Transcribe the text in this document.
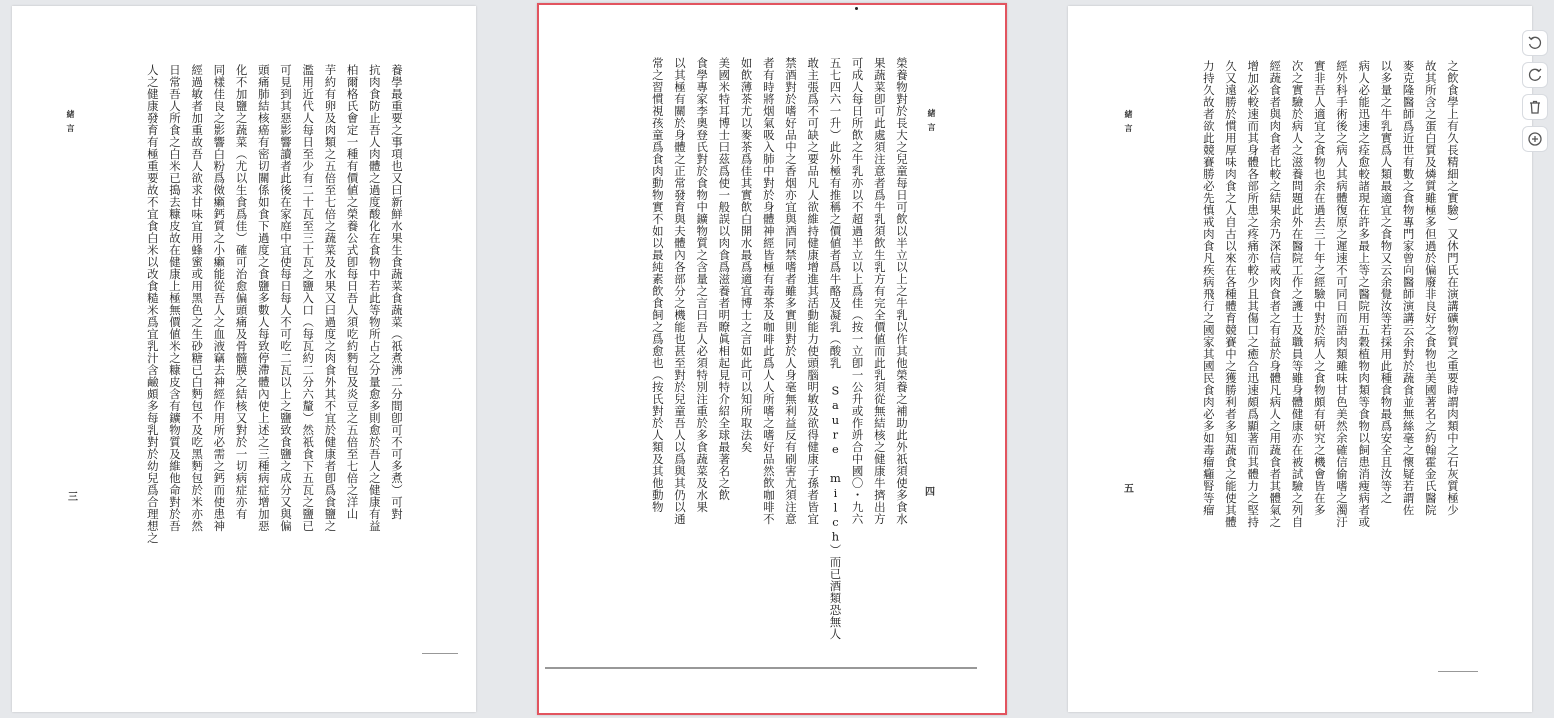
養學最重要之事項也又曰新鮮水果生食蔬菜食蔬菜（祇煮沸二分間卽可不可多煮）可對
抗肉食防止吾人肉體之過度酸化在食物中若此等物所占之分量愈多則愈於吾人之健康有益
柏爾格氏會定一種有價値之榮養公式卽每日吾人須吃約麪包及炎豆之五倍至七倍之洋山
芋約有卵及肉類之五倍至七倍之蔬菜及水果又曰過度之肉食外其不宜於健康者卽爲食鹽之
濫用近代人每日至少有二十瓦至三十瓦之鹽入口（每瓦約二分六釐）然祇食下五瓦之鹽已
可見到其惡影響讀者此後在家庭中宜使每日每人不可吃二瓦以上之鹽致食鹽之成分又與偏
頭痛肺結核癌有密切關係如食下過度之食鹽多數人每致停滯體內使上述之三種病症增加惡
化不加鹽之蔬菜（尤以生食爲佳）確可治愈偏頭痛及骨髓膜之結核又對於一切病症亦有
同樣佳良之影響白粉爲傚癩鈣質之小癩能從吾人之血液竊去神經作用所必需之鈣而使患神
經過敏者加重故吾人欲求甘味宜用蜂蜜或用黑色之生砂糖已白麪包不及吃黑麪包於米亦然
日常吾人所食之白米已搗去糠皮故在健康上極無價値米之糠皮含有鑛物質及維他命對於吾
人之健康發育有極重要故不宜食白米以改食糙米爲宜乳汁含鹼頗多每乳對於幼兒爲合理想之
緒言
三	榮養物對於長大之兒童每日可飲以半立以上之牛乳以作其他榮養之補助此外祇須使多食水
果蔬菜卽可此處須注意者爲牛乳須飲生乳方有完全價値而此乳須從無結核之健康牛擠出方
可成人每日所飲之牛乳亦以不超過半立以上爲佳（按一立卽一公升或作竔合中國〇・九六
五七四六一升）此外極有推稱之價値者爲牛酪及凝乳（酸乳 Saure milch）而已酒類恐無人
敢主張爲不可缺之要品凡人欲維持健康增進其活動能力使頭腦明敏及欲得健康子孫者皆宜
禁酒對於嗜好品中之香烟亦宜與酒同禁嗜者雖多實則對於人身毫無利益反有刷害尤須注意
者有時將烟氣吸入肺中對於身體神經皆極有毒茶及咖啡此爲人人所嗜之嗜好品然飲咖啡不
如飲薄茶尤以麥茶爲佳其實飲白開水最爲適宜博士之言如此可以知所取法矣
美國米特耳博士曰茲爲使一般誤以肉食爲滋養者明瞭眞相起見特介紹全球最著名之飲
食學專家李奧登氏對於食物中鑛物質之含量之言曰吾人必須特別注重於多食蔬菜及水果
以其極有關於身體之正常發育與夫體內各部分之機能也甚至對於兒童吾人以爲與其仍以通
常之習慣視孩童爲食肉動物實不如以最純素飲食飼之爲愈也（按氏對於人類及其他動物	緒言
四	之飲食學上有久長精細之實驗）又休門氏在演講礦物質之重要時謂肉類中之石灰質極少
故其所含之蛋白質及燐質雖極多但過於偏廢非良好之食物也美國著名之約翰霍金氏醫院
麥克隆醫師爲近世有數之食物專門家曾向醫師演講云余對於蔬食並無絲毫之懷疑若謂佐
以多量之牛乳實爲人類最適宜之食物又云余覺汝等若採用此種食物最爲安全且汝等之
病人必能迅速之痊愈較諸現在許多最上等之醫院用五穀植物肉類等食物以飼患消瘦病者或
經外科手術後之病人其病體復原之遲速不可同日而語肉類雖味甘色美然余確信偷嗜之濁汙
實非吾人適宜之食物也余在過去三十年之經驗中對於病人之食物頗有研究之機會皆在多
次之實驗於病人之滋養問題此外在醫院工作之護士及職員等雖身體健康亦在被試驗之列自
經蔬食者與肉食者比較之結果余乃深信戒肉食者之有益於身體凡病人之用蔬食者其體氣之
增加必較速而其身體各部所患之疼痛亦較少且其傷口之癒合迅速頗爲顯著而其體力之堅持
久又遠勝於慣用厚味肉食之人自古以來在各種體育競賽中之獲勝利者多知蔬食之能使其體
力持久故者欲此競賽勝必先慎戒肉食凡疾病飛行之國家其國民食肉必多如毒瘤癰腎等瘤
緒言
五
